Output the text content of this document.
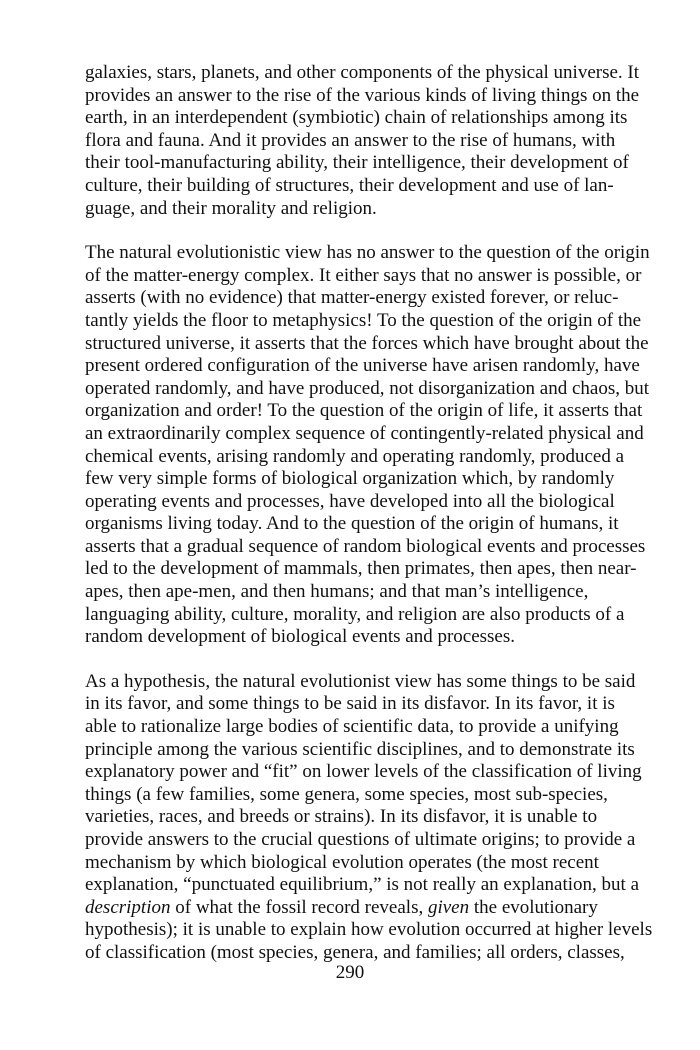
galaxies, stars, planets, and other components of the physical universe. It
provides an answer to the rise of the various kinds of living things on the
earth, in an interdependent (symbiotic) chain of relationships among its
flora and fauna. And it provides an answer to the rise of humans, with
their tool-manufacturing ability, their intelligence, their development of
culture, their building of structures, their development and use of lan-
guage, and their morality and religion.

The natural evolutionistic view has no answer to the question of the origin
of the matter-energy complex. It either says that no answer is possible, or
asserts (with no evidence) that matter-energy existed forever, or reluc-
tantly yields the floor to metaphysics! To the question of the origin of the
structured universe, it asserts that the forces which have brought about the
present ordered configuration of the universe have arisen randomly, have
operated randomly, and have produced, not disorganization and chaos, but
organization and order! To the question of the origin of life, it asserts that
an extraordinarily complex sequence of contingently-related physical and
chemical events, arising randomly and operating randomly, produced a
few very simple forms of biological organization which, by randomly
operating events and processes, have developed into all the biological
organisms living today. And to the question of the origin of humans, it
asserts that a gradual sequence of random biological events and processes
led to the development of mammals, then primates, then apes, then near-
apes, then ape-men, and then humans; and that man’s intelligence,
languaging ability, culture, morality, and religion are also products of a
random development of biological events and processes.

As a hypothesis, the natural evolutionist view has some things to be said
in its favor, and some things to be said in its disfavor. In its favor, it is
able to rationalize large bodies of scientific data, to provide a unifying
principle among the various scientific disciplines, and to demonstrate its
explanatory power and “fit” on lower levels of the classification of living
things (a few families, some genera, some species, most sub-species,
varieties, races, and breeds or strains). In its disfavor, it is unable to
provide answers to the crucial questions of ultimate origins; to provide a
mechanism by which biological evolution operates (the most recent
explanation, “punctuated equilibrium,” is not really an explanation, but a
description of what the fossil record reveals, given the evolutionary
hypothesis); it is unable to explain how evolution occurred at higher levels
of classification (most species, genera, and families; all orders, classes,

290
